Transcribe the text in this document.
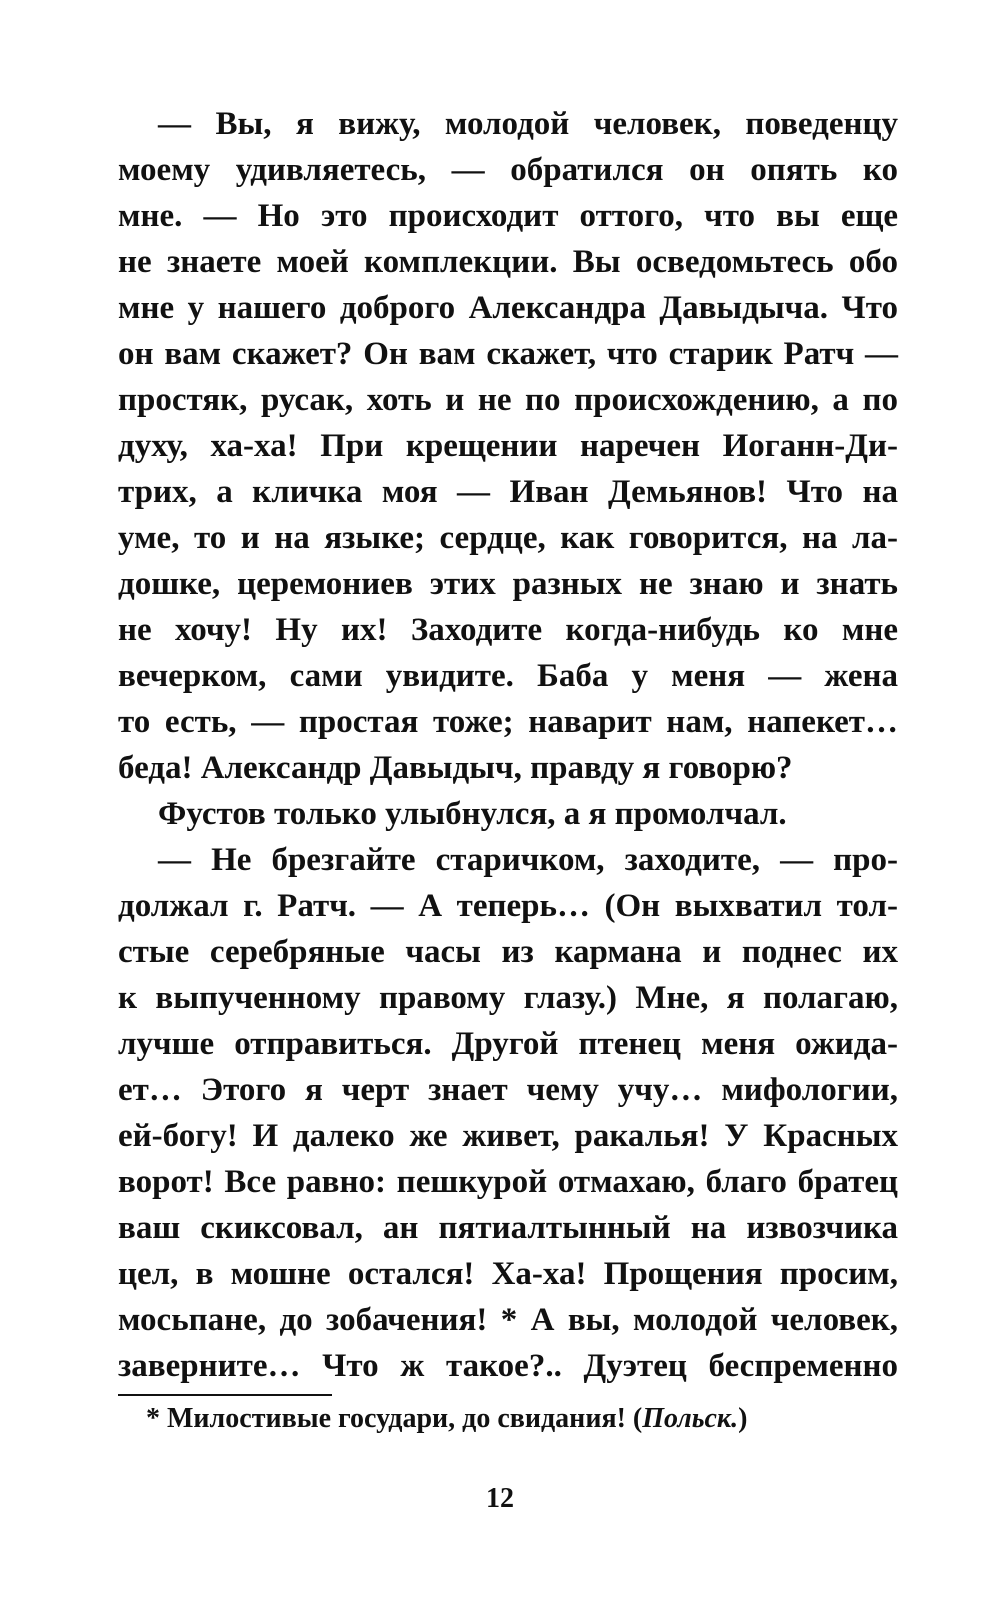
— Вы, я вижу, молодой человек, поведенцу
моему удивляетесь, — обратился он опять ко
мне. — Но это происходит оттого, что вы еще
не знаете моей комплекции. Вы осведомьтесь обо
мне у нашего доброго Александра Давыдыча. Что
он вам скажет? Он вам скажет, что старик Ратч —
простяк, русак, хоть и не по происхождению, а по
духу, ха-ха! При крещении наречен Иоганн-Ди-
трих, а кличка моя — Иван Демьянов! Что на
уме, то и на языке; сердце, как говорится, на ла-
дошке, церемониев этих разных не знаю и знать
не хочу! Ну их! Заходите когда-нибудь ко мне
вечерком, сами увидите. Баба у меня — жена
то есть, — простая тоже; наварит нам, напекет…
беда! Александр Давыдыч, правду я говорю?
Фустов только улыбнулся, а я промолчал.
— Не брезгайте старичком, заходите, — про-
должал г. Ратч. — А теперь… (Он выхватил тол-
стые серебряные часы из кармана и поднес их
к выпученному правому глазу.) Мне, я полагаю,
лучше отправиться. Другой птенец меня ожида-
ет… Этого я черт знает чему учу… мифологии,
ей-богу! И далеко же живет, ракалья! У Красных
ворот! Все равно: пешкурой отмахаю, благо братец
ваш скиксовал, ан пятиалтынный на извозчика
цел, в мошне остался! Ха-ха! Прощения просим,
мосьпане, до зобачения! * А вы, молодой человек,
заверните… Что ж такое?.. Дуэтец беспременно
* Милостивые государи, до свидания! (Польск.)
12
